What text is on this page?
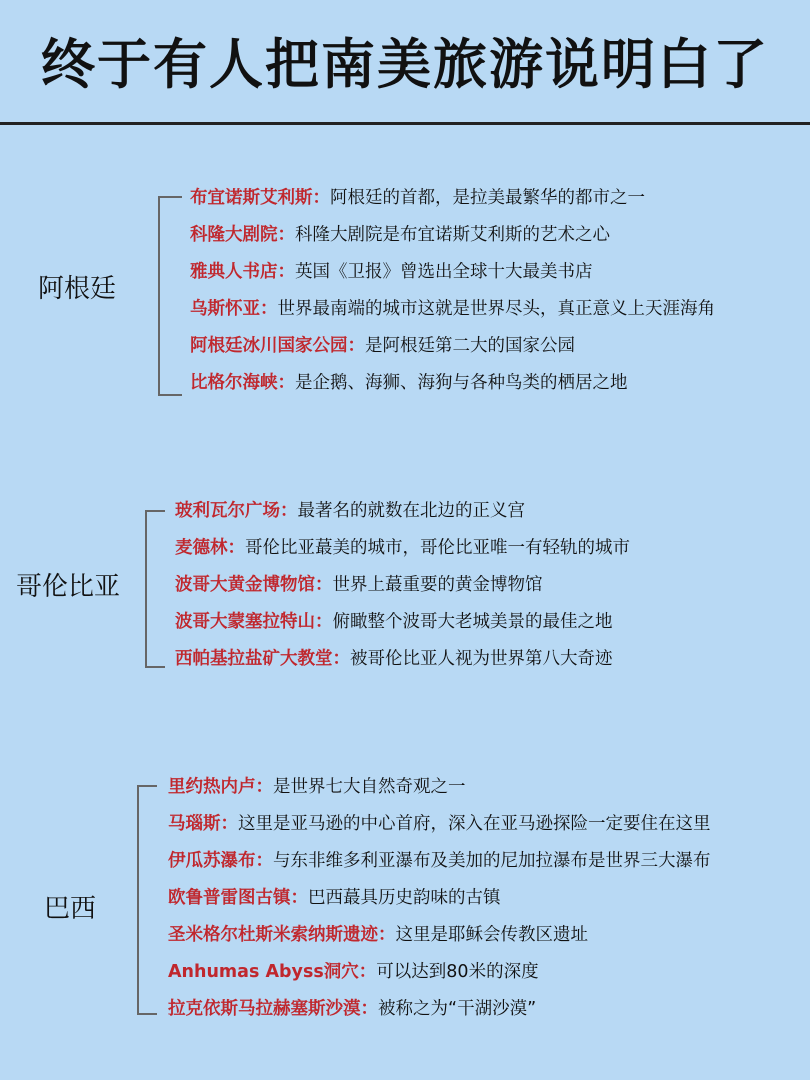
终于有人把南美旅游说明白了
阿根廷
布宜诺斯艾利斯：阿根廷的首都，是拉美最繁华的都市之一
科隆大剧院：科隆大剧院是布宜诺斯艾利斯的艺术之心
雅典人书店：英国《卫报》曾选出全球十大最美书店
乌斯怀亚：世界最南端的城市这就是世界尽头，真正意义上天涯海角
阿根廷冰川国家公园：是阿根廷第二大的国家公园
比格尔海峡：是企鹅、海狮、海狗与各种鸟类的栖居之地
哥伦比亚
玻利瓦尔广场：最著名的就数在北边的正义宫
麦德林：哥伦比亚蕞美的城市，哥伦比亚唯一有轻轨的城市
波哥大黄金博物馆：世界上蕞重要的黄金博物馆
波哥大蒙塞拉特山：俯瞰整个波哥大老城美景的最佳之地
西帕基拉盐矿大教堂：被哥伦比亚人视为世界第八大奇迹
巴西
里约热内卢：是世界七大自然奇观之一
马瑙斯：这里是亚马逊的中心首府，深入在亚马逊探险一定要住在这里
伊瓜苏瀑布：与东非维多利亚瀑布及美加的尼加拉瀑布是世界三大瀑布
欧鲁普雷图古镇：巴西蕞具历史韵味的古镇
圣米格尔杜斯米索纳斯遗迹：这里是耶稣会传教区遗址
Anhumas Abyss洞穴：可以达到80米的深度
拉克依斯马拉赫塞斯沙漠：被称之为“干湖沙漠”
